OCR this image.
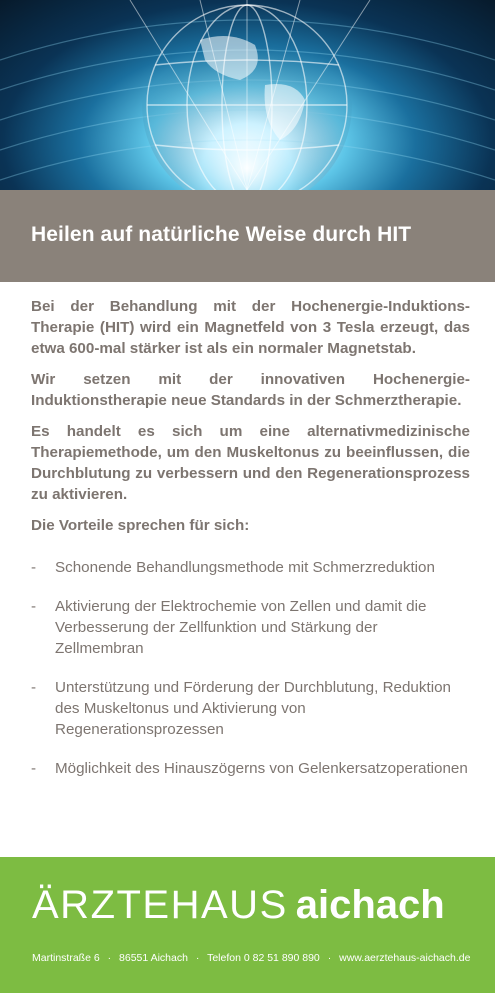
Heilen auf natürliche Weise durch HIT

Bei der Behandlung mit der Hochenergie-Induktions-Therapie (HIT) wird ein Magnetfeld von 3 Tesla erzeugt, das etwa 600-mal stärker ist als ein normaler Magnetstab.

Wir setzen mit der innovativen Hochenergie-Induktionstherapie neue Standards in der Schmerztherapie.

Es handelt es sich um eine alternativmedizinische Therapiemethode, um den Muskeltonus zu beeinflussen, die Durchblutung zu verbessern und den Regenerationsprozess zu aktivieren.

Die Vorteile sprechen für sich:
- Schonende Behandlungsmethode mit Schmerzreduktion
- Aktivierung der Elektrochemie von Zellen und damit die Verbesserung der Zellfunktion und Stärkung der Zellmembran
- Unterstützung und Förderung der Durchblutung, Reduktion des Muskeltonus und Aktivierung von Regenerationsprozessen
- Möglichkeit des Hinauszögerns von Gelenkersatzoperationen
ÄRZTEHAUS aichach
Martinstraße 6 · 86551 Aichach · Telefon 0 82 51 890 890 · www.aerztehaus-aichach.de
